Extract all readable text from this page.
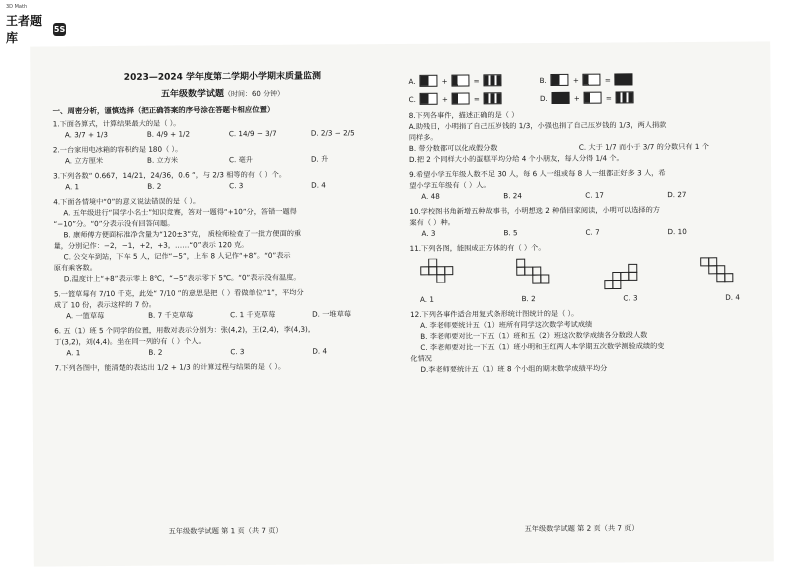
3D Math
王者题库
5S
2023—2024 学年度第二学期小学期末质量监测
五年级数学试题（时间：60 分钟）
一、周密分析，谨慎选择（把正确答案的序号涂在答题卡相应位置）
1.下面各算式，计算结果最大的是（ ）。
A. 3/7 + 1/3	B. 4/9 + 1/2	C. 14/9 − 3/7	D. 2/3 − 2/5
2.一台家用电冰箱的容积约是 180（ ）。
A. 立方厘米	B. 立方米	C. 毫升	D. 升
3.下列各数“ 0.667，14/21，24/36，0.6̇ ”，与 2/3 相等的有（ ）个。
A. 1	B. 2	C. 3	D. 4
4.下面各情境中“0”的意义说法错误的是（ ）。
A. 五年级进行“国学小名士”知识竞赛，答对一题得“+10”分，答错一题得
“−10”分。“0”分表示没有回答问题。
B. 康师傅方便面标准净含量为“120±3”克， 质检师检查了一批方便面的重
量，分别记作：−2，−1，+2，+3，……“0”表示 120 克。
C. 公交车到站，下车 5 人，记作“−5”，上车 8 人记作“+8”。“0”表示
原有乘客数。
D.温度计上“+8”表示零上 8℃，“−5”表示零下 5℃。“0”表示没有温度。
5.一篮草莓有 7/10 千克，此处“ 7/10 ”的意思是把（ ）看做单位“1”，平均分
成了 10 份，表示这样的 7 份。
A. 一篮草莓	B. 7 千克草莓	C. 1 千克草莓	D. 一堆草莓
6. 五（1）班 5 个同学的位置，用数对表示分别为：张(4,2)，王(2,4)，李(4,3)，
丁(3,2)，刘(4,4)。坐在同一列的有（ ）个人。
A. 1	B. 2	C. 3	D. 4
7.下列各图中，能清楚的表达出 1/2 + 1/3 的计算过程与结果的是（ ）。
五年级数学试题 第 1 页（共 7 页）
A.	+	=	B.	+	=
C.	+	=	D.	+	=
8.下列各事件，描述正确的是（ ）
A.助残日，小明捐了自己压岁钱的 1/3，小强也捐了自己压岁钱的 1/3，两人捐款
同样多。
B. 带分数都可以化成假分数	C. 大于 1/7 而小于 3/7 的分数只有 1 个
D.把 2 个同样大小的蛋糕平均分给 4 个小朋友，每人分得 1/4 个。
9.希望小学五年级人数不足 30 人，每 6 人一组或每 8 人一组都正好多 3 人，希
望小学五年级有（ ）人。
A. 48	B. 24	C. 17	D. 27
10.学校图书角新增五种故事书，小明想选 2 种借回家阅读，小明可以选择的方
案有（ ）种。
A. 3	B. 5	C. 7	D. 10
11.下列各图，能围成正方体的有（ ）个。
A. 1	B. 2	C. 3	D. 4
12.下列各事件适合用复式条形统计图统计的是（ ）。
A. 李老师要统计五（1）班所有同学这次数学考试成绩
B. 李老师要对比一下五（1）班和五（2）班这次数学成绩各分数段人数
C. 李老师要对比一下五（1）班小明和王红两人本学期五次数学测验成绩的变
化情况
D.李老师要统计五（1）班 8 个小组的期末数学成绩平均分
五年级数学试题 第 2 页（共 7 页）
